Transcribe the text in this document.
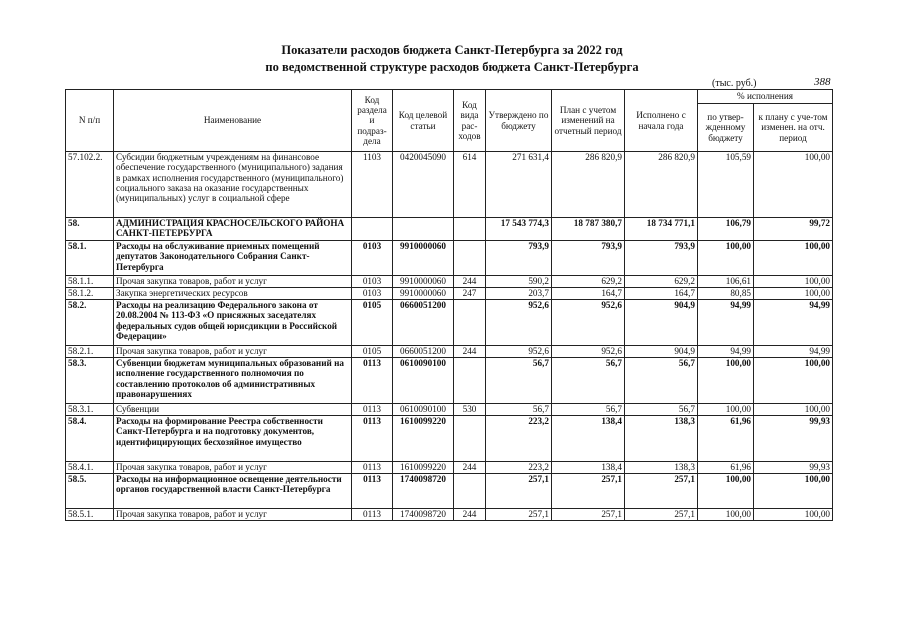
Показатели расходов бюджета Санкт-Петербурга за 2022 год
по ведомственной структуре расходов бюджета Санкт-Петербурга
(тыс. руб.)	388
N п/п	Наименование	Код раздела и подраз-дела	Код целевой статьи	Код вида рас-ходов	Утверждено по бюджету	План с учетом изменений на отчетный период	Исполнено с начала года	% исполнения	
								по утвер-жденному бюджету	к плану с уче-том изменен. на отч. период
57.102.2.	Субсидии бюджетным учреждениям на финансовое обеспечение государственного (муниципального) задания в рамках исполнения государственного (муниципального) социального заказа на оказание государственных (муниципальных) услуг в социальной сфере	1103	0420045090	614	271 631,4	286 820,9	286 820,9	105,59	100,00
58.	АДМИНИСТРАЦИЯ КРАСНОСЕЛЬСКОГО РАЙОНА САНКТ-ПЕТЕРБУРГА				17 543 774,3	18 787 380,7	18 734 771,1	106,79	99,72
58.1.	Расходы на обслуживание приемных помещений депутатов Законодательного Собрания Санкт-Петербурга	0103	9910000060		793,9	793,9	793,9	100,00	100,00
58.1.1.	Прочая закупка товаров, работ и услуг	0103	9910000060	244	590,2	629,2	629,2	106,61	100,00
58.1.2.	Закупка энергетических ресурсов	0103	9910000060	247	203,7	164,7	164,7	80,85	100,00
58.2.	Расходы на реализацию Федерального закона от 20.08.2004 № 113-ФЗ «О присяжных заседателях федеральных судов общей юрисдикции в Российской Федерации»	0105	0660051200		952,6	952,6	904,9	94,99	94,99
58.2.1.	Прочая закупка товаров, работ и услуг	0105	0660051200	244	952,6	952,6	904,9	94,99	94,99
58.3.	Субвенции бюджетам муниципальных образований на исполнение государственного полномочия по составлению протоколов об административных правонарушениях	0113	0610090100		56,7	56,7	56,7	100,00	100,00
58.3.1.	Субвенции	0113	0610090100	530	56,7	56,7	56,7	100,00	100,00
58.4.	Расходы на формирование Реестра собственности Санкт-Петербурга и на подготовку документов, идентифицирующих бесхозяйное имущество	0113	1610099220		223,2	138,4	138,3	61,96	99,93
58.4.1.	Прочая закупка товаров, работ и услуг	0113	1610099220	244	223,2	138,4	138,3	61,96	99,93
58.5.	Расходы на информационное освещение деятельности органов государственной власти Санкт-Петербурга	0113	1740098720		257,1	257,1	257,1	100,00	100,00
58.5.1.	Прочая закупка товаров, работ и услуг	0113	1740098720	244	257,1	257,1	257,1	100,00	100,00
